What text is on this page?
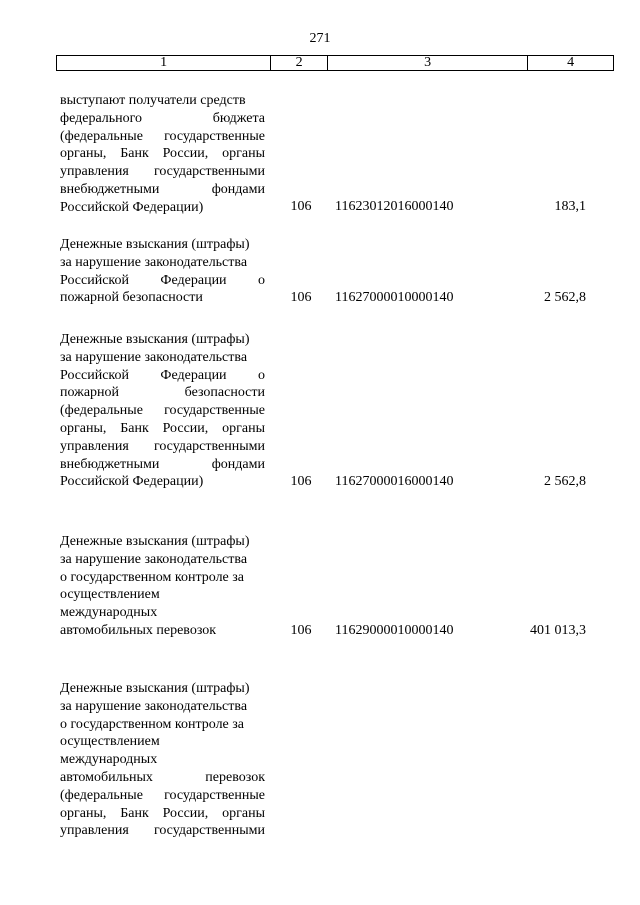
271
1	2	3	4
выступают получатели средств
федерального бюджета
(федеральные государственные
органы, Банк России, органы
управления государственными
внебюджетными фондами
Российской Федерации)	106	11623012016000140	183,1
Денежные взыскания (штрафы)
за нарушение законодательства
Российской Федерации о
пожарной безопасности	106	11627000010000140	2 562,8
Денежные взыскания (штрафы)
за нарушение законодательства
Российской Федерации о
пожарной безопасности
(федеральные государственные
органы, Банк России, органы
управления государственными
внебюджетными фондами
Российской Федерации)	106	11627000016000140	2 562,8
Денежные взыскания (штрафы)
за нарушение законодательства
о государственном контроле за
осуществлением
международных
автомобильных перевозок	106	11629000010000140	401 013,3
Денежные взыскания (штрафы)
за нарушение законодательства
о государственном контроле за
осуществлением
международных
автомобильных перевозок
(федеральные государственные
органы, Банк России, органы
управления государственными
